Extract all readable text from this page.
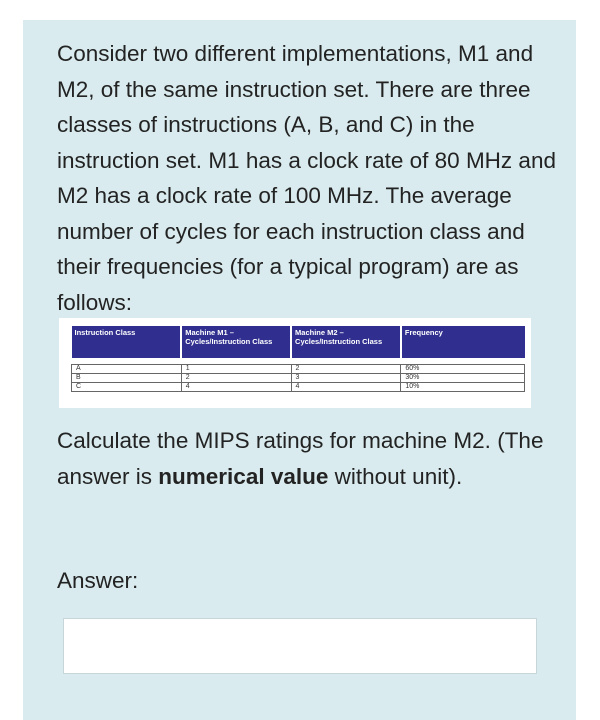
Consider two different implementations, M1 and M2, of the same instruction set. There are three classes of instructions (A, B, and C) in the instruction set. M1 has a clock rate of 80 MHz and M2 has a clock rate of 100 MHz. The average number of cycles for each instruction class and their frequencies (for a typical program) are as follows:

Instruction Class	Machine M1 – Cycles/Instruction Class	Machine M2 – Cycles/Instruction Class	Frequency

A	1	2	60%
B	2	3	30%
C	4	4	10%

Calculate the MIPS ratings for machine M2. (The answer is numerical value without unit).

Answer:
